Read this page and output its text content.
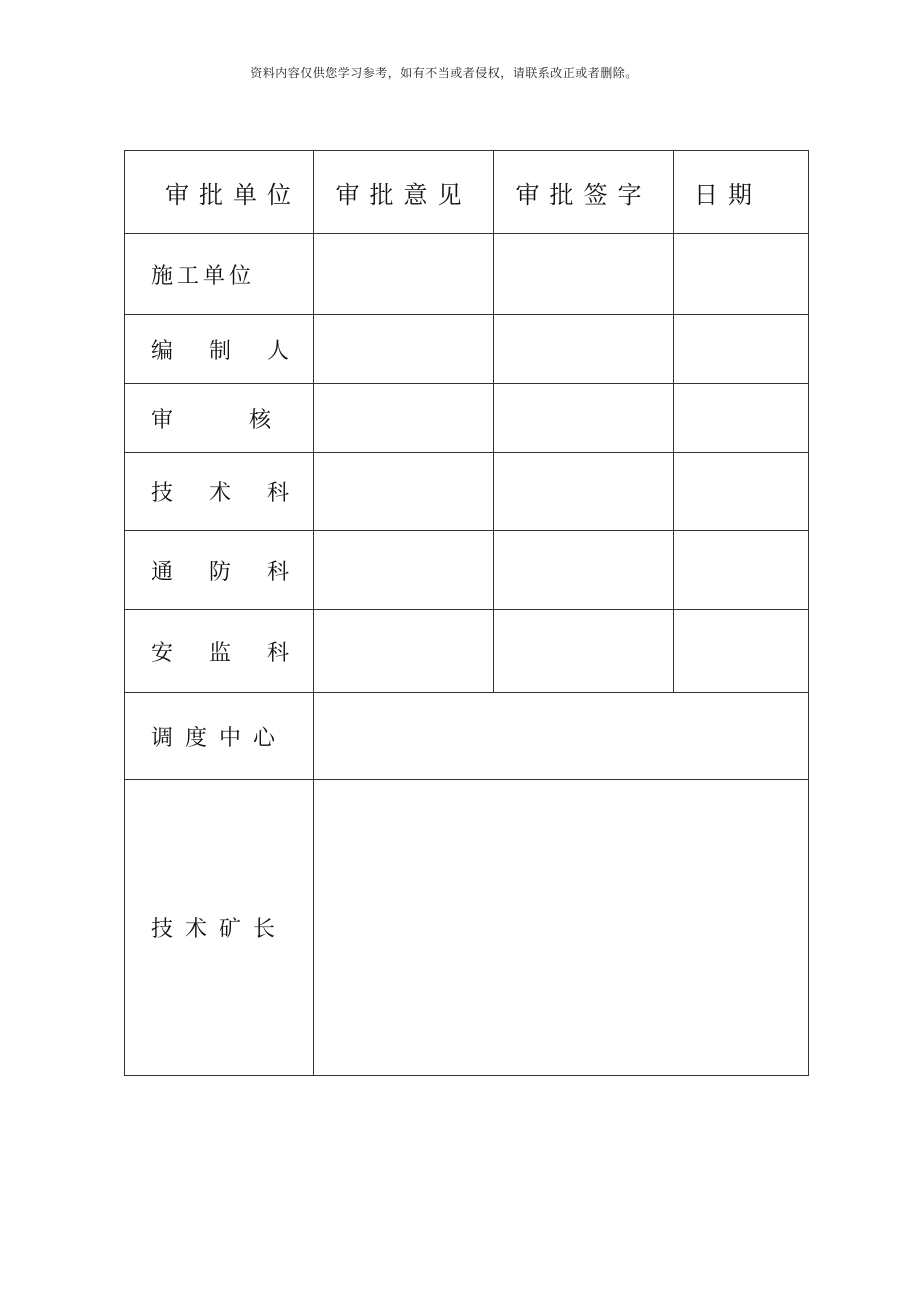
资料内容仅供您学习参考，如有不当或者侵权，请联系改正或者删除。
审批单位	审批意见	审批签字	日期
施工单位			
编制人			
审核			
技术科			
通防科			
安监科			
调度中心			
技术矿长			
